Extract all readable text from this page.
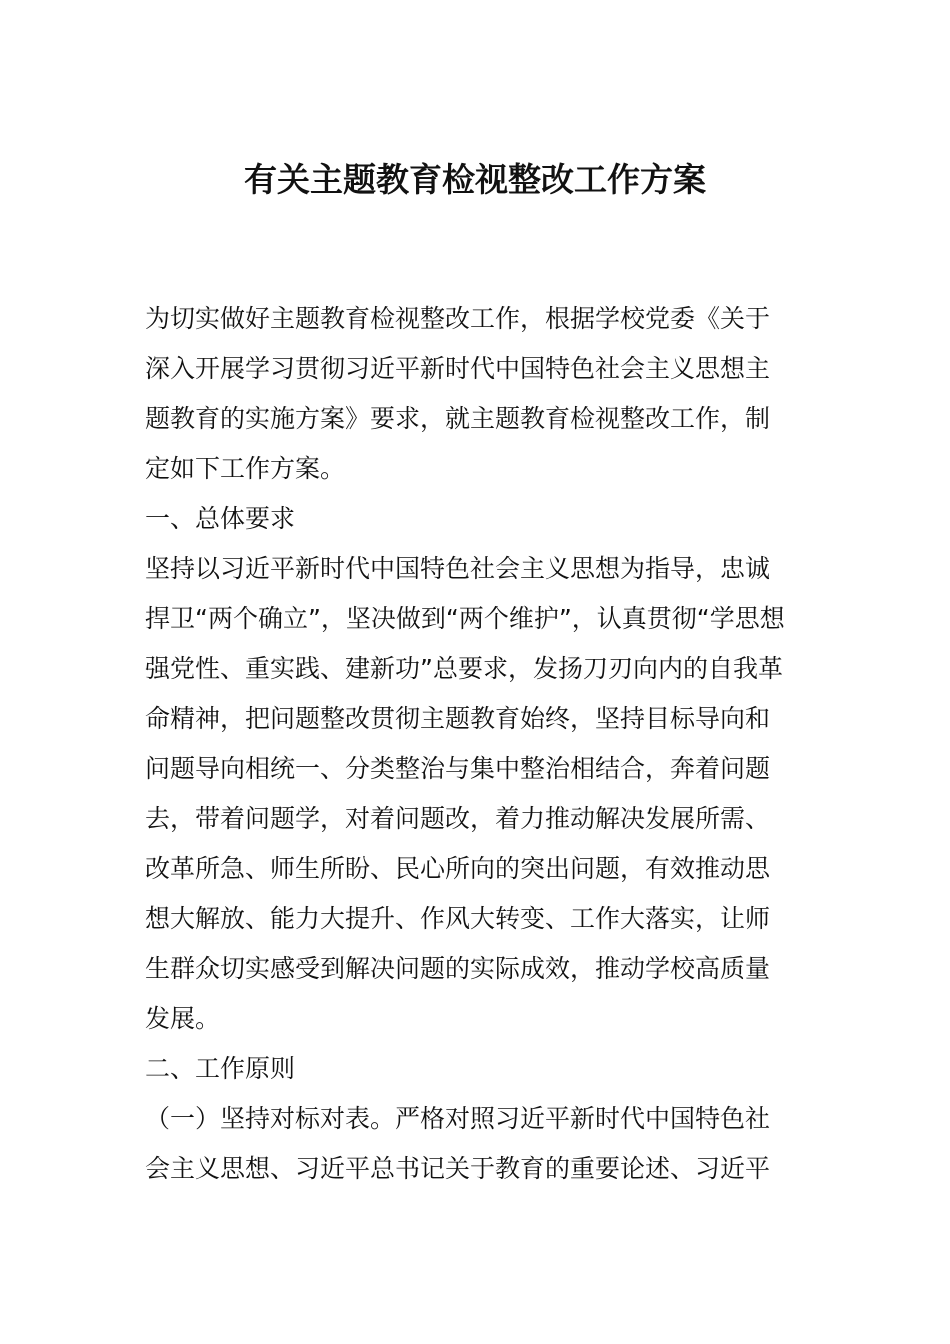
有关主题教育检视整改工作方案

为切实做好主题教育检视整改工作，根据学校党委《关于

深入开展学习贯彻习近平新时代中国特色社会主义思想主

题教育的实施方案》要求，就主题教育检视整改工作，制

定如下工作方案。

一、总体要求

坚持以习近平新时代中国特色社会主义思想为指导，忠诚

捍卫“两个确立”，坚决做到“两个维护”，认真贯彻“学思想

强党性、重实践、建新功”总要求，发扬刀刃向内的自我革

命精神，把问题整改贯彻主题教育始终，坚持目标导向和

问题导向相统一、分类整治与集中整治相结合，奔着问题

去，带着问题学，对着问题改，着力推动解决发展所需、

改革所急、师生所盼、民心所向的突出问题，有效推动思

想大解放、能力大提升、作风大转变、工作大落实，让师

生群众切实感受到解决问题的实际成效，推动学校高质量

发展。

二、工作原则

（一）坚持对标对表。严格对照习近平新时代中国特色社

会主义思想、习近平总书记关于教育的重要论述、习近平
